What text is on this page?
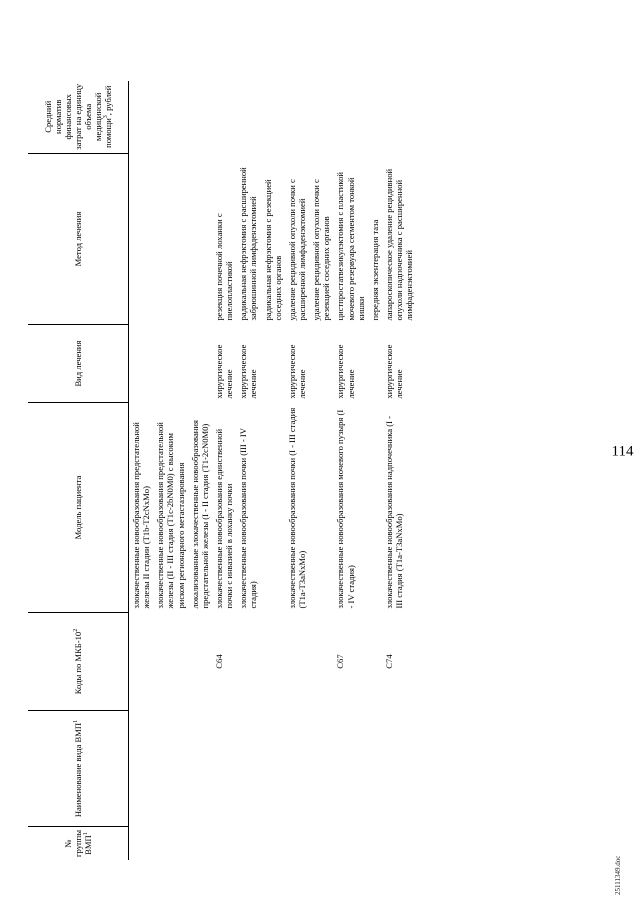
114
№ группы ВМП$^1$	Наименование вида ВМП$^1$	Коды по МКБ-$10^2$	Модель пациента	Вид лечения	Метод лечения	Средний норматив финансовых затрат на единицу объема медицинской помощи$^3$, рублей
			злокачественные новообразования предстательной железы II стадии (T1b-T2cNxMo)			
			злокачественные новообразования предстательной железы (II - III стадия (T1c-2bN0M0) с высоким риском регионарного метастазирования			
			локализованные злокачественные новообразования предстательной железы (I - II стадия (T1-2cN0M0)			
		C64	злокачественные новообразования единственной почки с инвазией в лоханку почки	хирургическое лечение	резекция почечной лоханки с пиелопластикой	
			злокачественные новообразования почки (III - IV стадия)	хирургическое лечение	радикальная нефрэктомия с расширенной забрюшинной лимфаденэктомией	
					радикальная нефрэктомия с резекцией соседних органов	
			злокачественные новообразования почки (I - III стадия (T1a-T3aNxMo)	хирургическое лечение	удаление рецидивной опухоли почки с расширенной лимфаденэктомией	
					удаление рецидивной опухоли почки с резекцией соседних органов	
		C67	злокачественные новообразования мочевого пузыря (I - IV стадия)	хирургическое лечение	цистпростатвезикулэктомия с пластикой мочевого резервуара сегментом тонкой кишки	
					передняя экзентерация таза	
		C74	злокачественные новообразования надпочечника (I - III стадия (T1a-T3aNxMo)	хирургическое лечение	лапароскопическое удаление рецидивной опухоли надпочечника с расширенной лимфаденэктомией	
25111349.doc
